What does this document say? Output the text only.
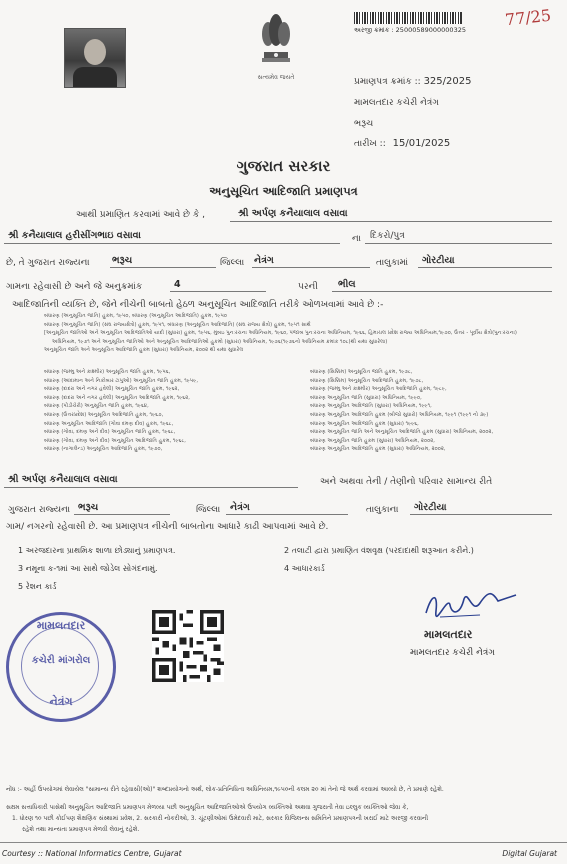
સત્યમેવ જયતે
અરજી ક્રમાંક : 25000589000000325
77/25
પ્રમાણપત્ર ક્રમાંક :: 325/2025
મામલતદાર કચેરી નેત્રંગ
ભરૂચ
તારીખ :: 15/01/2025
ગુજરાત સરકાર
અનુસૂચિત આદિજાતિ પ્રમાણપત્ર
આથી પ્રમાણિત કરવામાં આવે છે કે ,	શ્રી અર્પણ કનૈયાલાલ વસાવા
શ્રી કનૈયાલાલ હરીસીંગભાઇ વસાવા	ના દિકરો/પુત્ર
છે, તે ગુજરાત રાજ્યના ભરૂચ	જિલ્લા નેત્રંગ	તાલુકામાં ગોરટીયા
ગામના રહેવાસી છે અને જે અનુક્રમાંક	4	પરની ભીલ
આદિજાતિની વ્યક્તિ છે, જેને નીચેની બાબતો હેઠળ અનુસૂચિત આદિજાતિ તરીકે ઓળખવામાં આવે છે :-
બંધારણ (અનુસૂચિત જાતિ) હુકમ, ૧૯૫૦, બંધારણ (અનુસૂચિત આદિજાતિ) હુકમ, ૧૯૫૦
બંધારણ (અનુસૂચિત જાતિ) (સંઘ રાજ્યક્ષેત્રો) હુકમ, ૧૯૫૧, બંધારણ (અનુસૂચિત આદિજાતિ) (સંઘ રાજ્ય ક્ષેત્રો) હુકમ, ૧૯૫૧ સાથે
[અનુસૂચિત જાતિઓ અને અનુસૂચિત આદિજાતિઓ યાદી (સુધારા) હુકમ, ૧૯૫૬, મુંબઇ પુનઃરચના અધિનિયમ, ૧૯૬૦, પંજાબ પુનઃરચના અધિનિયમ, ૧૯૬૬, હિમાચલ પ્રદેશ રાજ્ય અધિનિયમ,૧૯૭૦, ઉત્તર - પૂર્વીય ક્ષેત્રો(પુનઃરચના)
અધિનિયમ, ૧૯૭૧ અને અનુસૂચિત જાતિઓ અને અનુસૂચિત આદિજાતિઓ હુકમો (સુધારા) અધિનિયમ, ૧૯૭૬(૧૯૭૬નો અધિનિયમ ક્રમાંક ૧૦૮)થી યથા સુધારેલા)
અનુસૂચિત જાતિ અને અનુસૂચિત આદિજાતિ હુકમ (સુધારા) અધિનિયમ, ૨૦૦૨ થી યથા સુધારેલ
બંધારણ (જમ્મુ અને કાશ્મીર) અનુસૂચિત જાતિ હુકમ, ૧૯૫૬,
બંધારણ (આંદામાન અને નિકોબાર ટાપુઓ) અનુસૂચિત જાતિ હુકમ, ૧૯૫૯,
બંધારણ (દાદરા અને નગર હવેલી) અનુસૂચિત જાતિ હુકમ, ૧૯૬૨,
બંધારણ (દાદરા અને નગર હવેલી) અનુસૂચિત આદિજાતિ હુકમ, ૧૯૬૨,
બંધારણ (પોંડીચેરી) અનુસૂચિત જાતિ હુકમ, ૧૯૬૪,
બંધારણ (ઉત્તરપ્રદેશ) અનુસૂચિત આદિજાતિ હુકમ, ૧૯૬૭,
બંધારણ અનુસૂચિત આદિજાતિ (ગોવા દમણ દીવ) હુકમ, ૧૯૬૮,
બંધારણ (ગોવા, દમણ અને દીવ) અનુસૂચિત જાતિ હુકમ, ૧૯૬૮,
બંધારણ (ગોવા, દમણ અને દીવ) અનુસૂચિત આદિજાતિ હુકમ, ૧૯૬૮,
બંધારણ (નાગાલેન્ડ) અનુસૂચિત આદિજાતિ હુકમ, ૧૯૭૦,
બંધારણ (સિક્કિમ) અનુસૂચિત જાતિ હુકમ, ૧૯૭૮,
બંધારણ (સિક્કિમ) અનુસૂચિત આદિજાતિ હુકમ, ૧૯૭૮,
બંધારણ (જમ્મુ અને કાશ્મીર) અનુસૂચિત આદિજાતિ હુકમ, ૧૯૮૯,
બંધારણ અનુસૂચિત જાતિ (સુધારા) અધિનિયમ, ૧૯૯૦,
બંધારણ અનુસૂચિત આદિજાતિ (સુધારા) અધિનિયમ, ૧૯૯૧,
બંધારણ અનુસૂચિત આદિજાતિ હુકમ (બીજો સુધારો) અધિનિયમ, ૧૯૯૧ (૧૯૯૧ નો ૩૯)
બંધારણ અનુસૂચિત આદિજાતિ હુકમ (સુધારા) ૧૯૯૬,
બંધારણ અનુસૂચિત જાતિ અને અનુસૂચિત આદિજાતિ હુકમ (સુધારા) અધિનિયમ, ૨૦૦૨,
બંધારણ અનુસૂચિત જાતિ હુકમ (સુધારા) અધિનિયમ, ૨૦૦૨,
બંધારણ અનુસૂચિત આદિજાતિ હુકમ (સુધારા) અધિનિયમ, ૨૦૦૨,
શ્રી અર્પણ કનૈયાલાલ વસાવા	અને અથવા તેની / તેણીનો પરિવાર સામાન્ય રીતે
ગુજરાત રાજ્યના ભરૂચ	જિલ્લા નેત્રંગ	તાલુકાના ગોરટીયા
ગામ/ નગરનો રહેવાસી છે. આ પ્રમાણપત્ર નીચેની બાબતોના આધારે કાઢી આપવામાં આવે છે.
1 અરજદારના પ્રાથમિક શાળા છોડ્યાનું પ્રમાણપત્ર.	2 તલાટી દ્વારા પ્રમાણિત વંશવૃક્ષ (પરદાદાથી શરૂઆત કરીને.)
3 નમૂના ક-૧માં આ સાથે જોડેલ સોગંદનામું.	4 આધારકાર્ડ
5 રેશન કાર્ડ
મામલતદાર
કચેરી માંગરોલ
નેત્રંગ
મામલતદાર
મામલતદાર કચેરી નેત્રંગ
નોંધ :- અહીં ઉપયોગમાં લેવાયેલ "સામાન્ય રીતે રહેવાસી(ઓ)" શબ્દપ્રયોગનો અર્થ, લોક-પ્રતિનિધિત્વ અધિનિયમ,૧૯૫૦ની કલમ ૨૦ માં તેનો જે અર્થ કરવામાં આવ્યો છે, તે પ્રમાણે રહેશે.
સક્ષમ સત્તાધિકારી પાસેથી અનુસૂચિત આદિજાતિ પ્રમાણપત્ર મેળવ્યા પછી અનુસૂચિત આદિજાતિઓએ ઉપયોગ વ્યક્તિઓ અથવા ગુજરાતી તેવા ઇલ્લુક વ્યક્તિઓ જેવા કે,
1. ધોરણ ૧૦ પછી કોઈપણ શૈક્ષણિક સંસ્થામાં પ્રવેશ, 2. સરકારી નોકરીઓ, 3. ચૂંટણીઓમાં ઉમેદવારી માટે, સરકાર વિજિલન્સ સમિતિને પ્રમાણપત્રની ખરાઈ માટે અરજી કરવાની
રહેશે તથા માન્યતા પ્રમાણપત્ર મેળવી લેવાનું રહેશે.
Courtesy :: National Informatics Centre, Gujarat	Digital Gujarat
